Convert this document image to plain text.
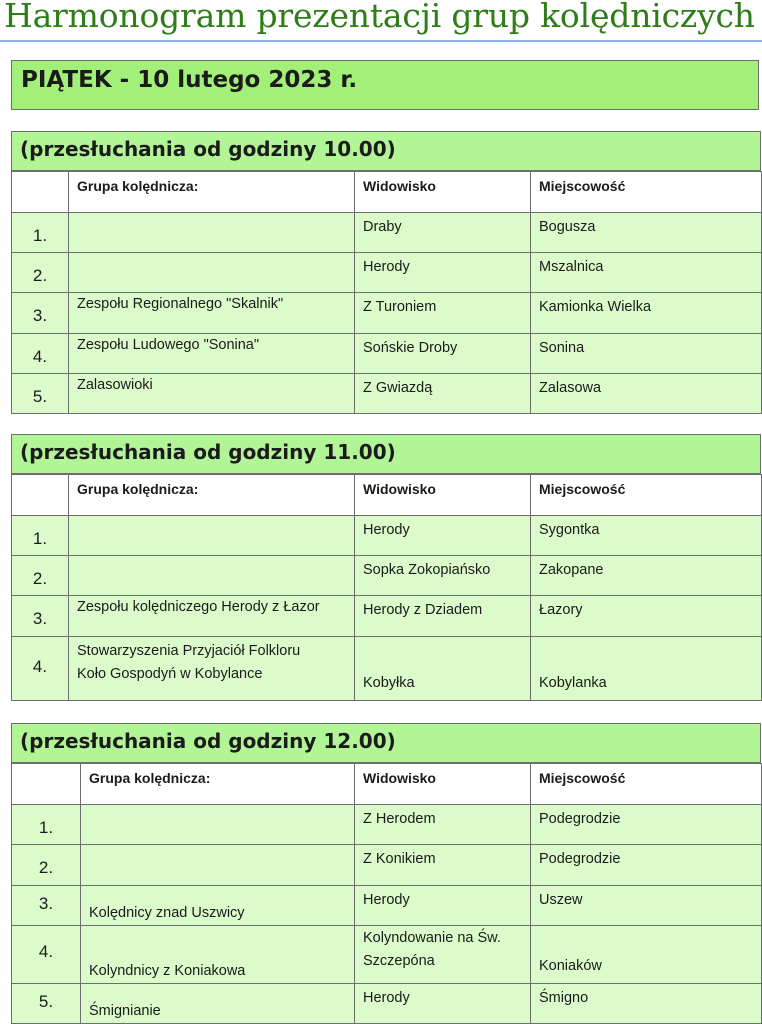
Harmonogram prezentacji grup kolędniczych
PIĄTEK - 10 lutego 2023 r.
(przesłuchania od godziny 10.00)
	Grupa kolędnicza:	Widowisko	Miejscowość
1.		Draby	Bogusza
2.		Herody	Mszalnica
3.	Zespołu Regionalnego "Skalnik"	Z Turoniem	Kamionka Wielka
4.	Zespołu Ludowego "Sonina"	Sońskie Droby	Sonina
5.	Zalasowioki	Z Gwiazdą	Zalasowa
(przesłuchania od godziny 11.00)
	Grupa kolędnicza:	Widowisko	Miejscowość
1.		Herody	Sygontka
2.		Sopka Zokopiańsko	Zakopane
3.	Zespołu kolędniczego Herody z Łazor	Herody z Dziadem	Łazory
4.	Stowarzyszenia Przyjaciół Folkloru
Koło Gospodyń w Kobylance	Kobyłka	Kobylanka
(przesłuchania od godziny 12.00)
	Grupa kolędnicza:	Widowisko	Miejscowość
1.		Z Herodem	Podegrodzie
2.		Z Konikiem	Podegrodzie
3.	Kolędnicy znad Uszwicy	Herody	Uszew
4.	Kolyndnicy z Koniakowa	Kolyndowanie na Św.
Szczepóna	Koniaków
5.	Śmignianie	Herody	Śmigno
